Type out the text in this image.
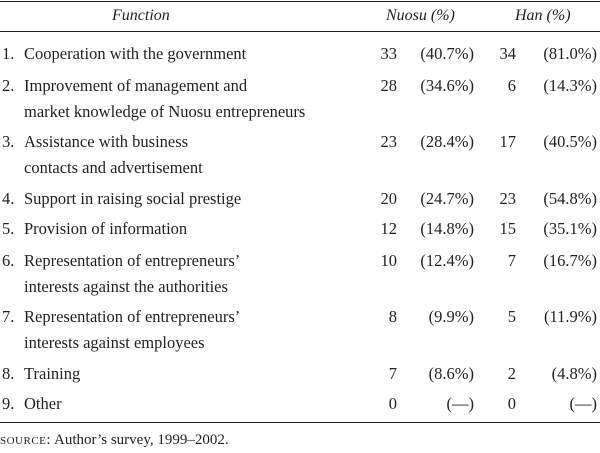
Function	Nuosu (%)	Han (%)
1. Cooperation with the government	33 (40.7%) 34 (81.0%)
2. Improvement of management and
market knowledge of Nuosu entrepreneurs
28 (34.6%) 6 (14.3%)
3. Assistance with business
contacts and advertisement
23 (28.4%) 17 (40.5%)
4. Support in raising social prestige	20 (24.7%) 23 (54.8%)
5. Provision of information	12 (14.8%) 15 (35.1%)
6. Representation of entrepreneurs’
interests against the authorities
10 (12.4%) 7 (16.7%)
7. Representation of entrepreneurs’
interests against employees
8 (9.9%) 5 (11.9%)
8. Training	7 (8.6%) 2 (4.8%)
9. Other	0	(—) 0	(—)
source: Author’s survey, 1999–2002.
